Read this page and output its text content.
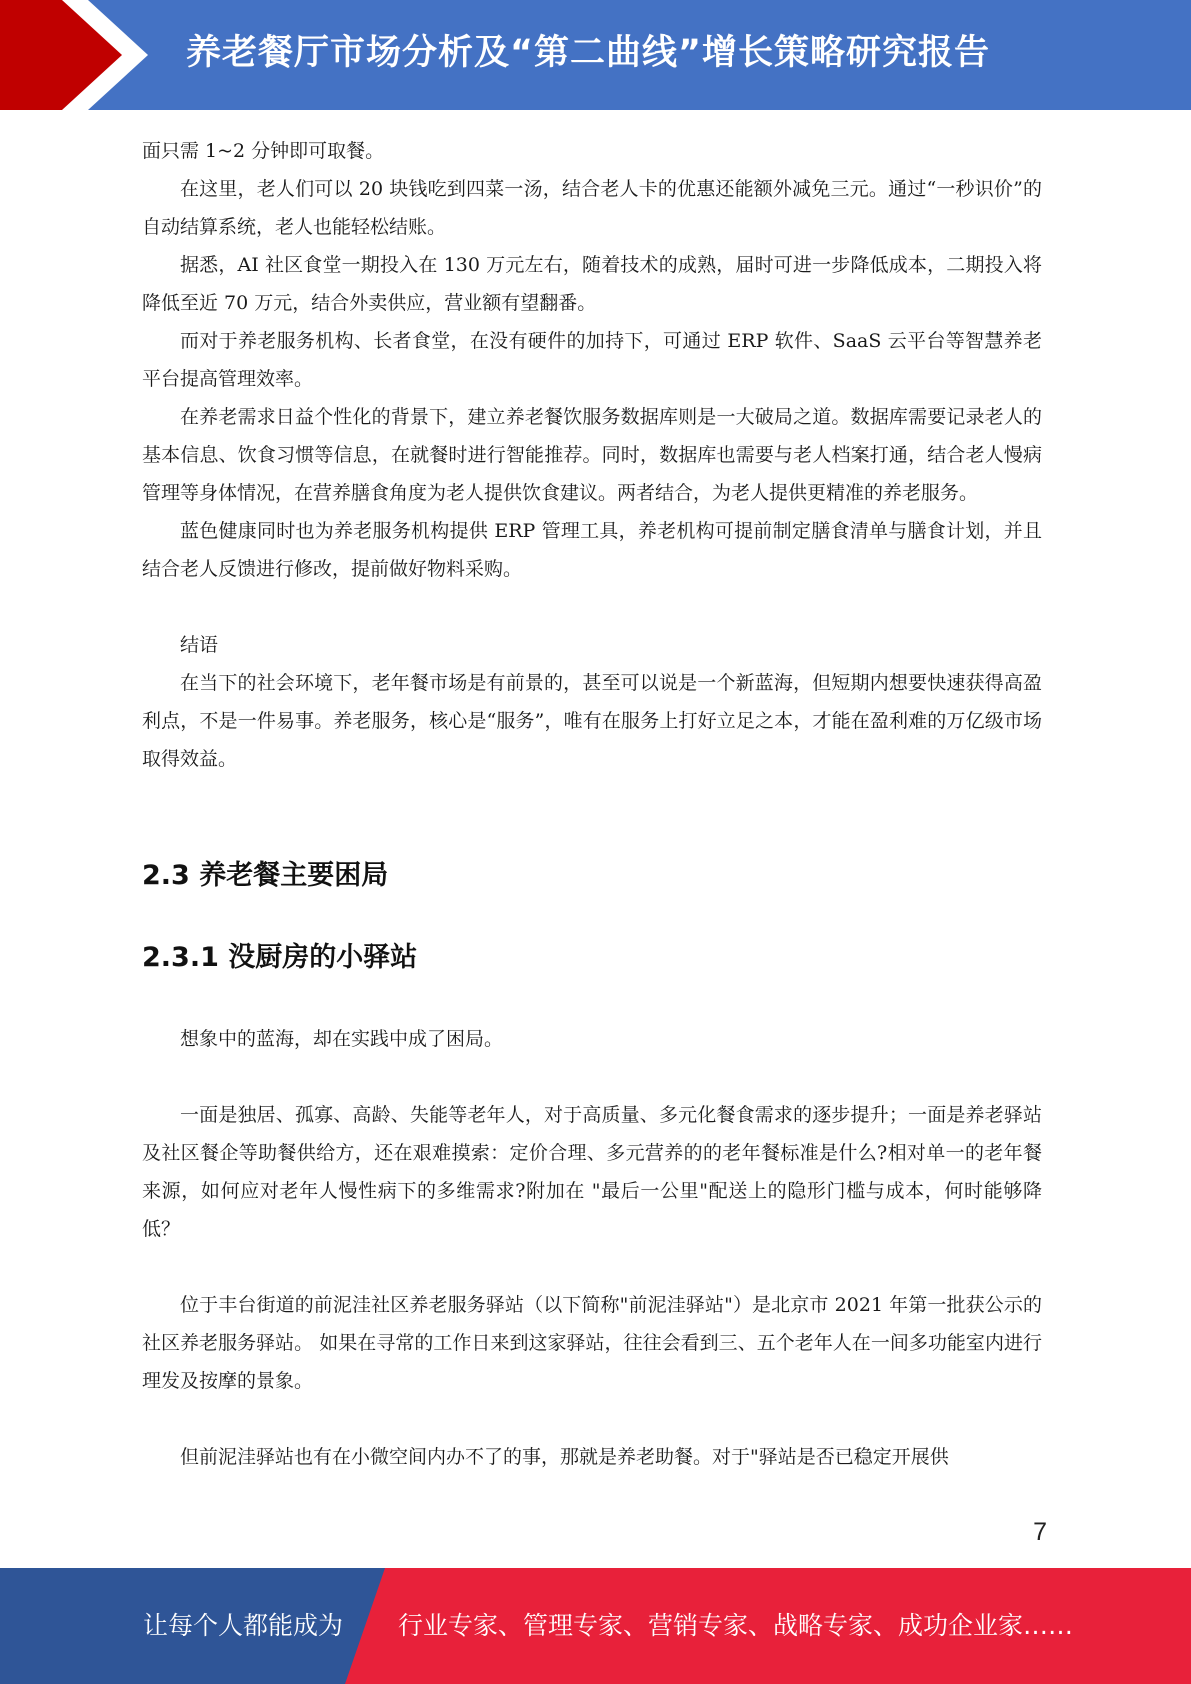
养老餐厅市场分析及“第二曲线”增长策略研究报告

面只需 1~2 分钟即可取餐。

在这里，老人们可以 20 块钱吃到四菜一汤，结合老人卡的优惠还能额外减免三元。通过“一秒识价”的自动结算系统，老人也能轻松结账。

据悉，AI 社区食堂一期投入在 130 万元左右，随着技术的成熟，届时可进一步降低成本，二期投入将降低至近 70 万元，结合外卖供应，营业额有望翻番。

而对于养老服务机构、长者食堂，在没有硬件的加持下，可通过 ERP 软件、SaaS 云平台等智慧养老平台提高管理效率。

在养老需求日益个性化的背景下，建立养老餐饮服务数据库则是一大破局之道。数据库需要记录老人的基本信息、饮食习惯等信息，在就餐时进行智能推荐。同时，数据库也需要与老人档案打通，结合老人慢病管理等身体情况，在营养膳食角度为老人提供饮食建议。两者结合，为老人提供更精准的养老服务。

蓝色健康同时也为养老服务机构提供 ERP 管理工具，养老机构可提前制定膳食清单与膳食计划，并且结合老人反馈进行修改，提前做好物料采购。

结语

在当下的社会环境下，老年餐市场是有前景的，甚至可以说是一个新蓝海，但短期内想要快速获得高盈利点，不是一件易事。养老服务，核心是“服务”，唯有在服务上打好立足之本，才能在盈利难的万亿级市场取得效益。

2.3 养老餐主要困局
2.3.1 没厨房的小驿站

想象中的蓝海，却在实践中成了困局。

一面是独居、孤寡、高龄、失能等老年人，对于高质量、多元化餐食需求的逐步提升；一面是养老驿站及社区餐企等助餐供给方，还在艰难摸索：定价合理、多元营养的的老年餐标准是什么?相对单一的老年餐来源，如何应对老年人慢性病下的多维需求?附加在 "最后一公里"配送上的隐形门槛与成本，何时能够降低？

位于丰台街道的前泥洼社区养老服务驿站（以下简称"前泥洼驿站"）是北京市 2021 年第一批获公示的社区养老服务驿站。 如果在寻常的工作日来到这家驿站，往往会看到三、五个老年人在一间多功能室内进行理发及按摩的景象。

但前泥洼驿站也有在小微空间内办不了的事，那就是养老助餐。对于"驿站是否已稳定开展供

7
让每个人都能成为 行业专家、管理专家、营销专家、战略专家、成功企业家……
